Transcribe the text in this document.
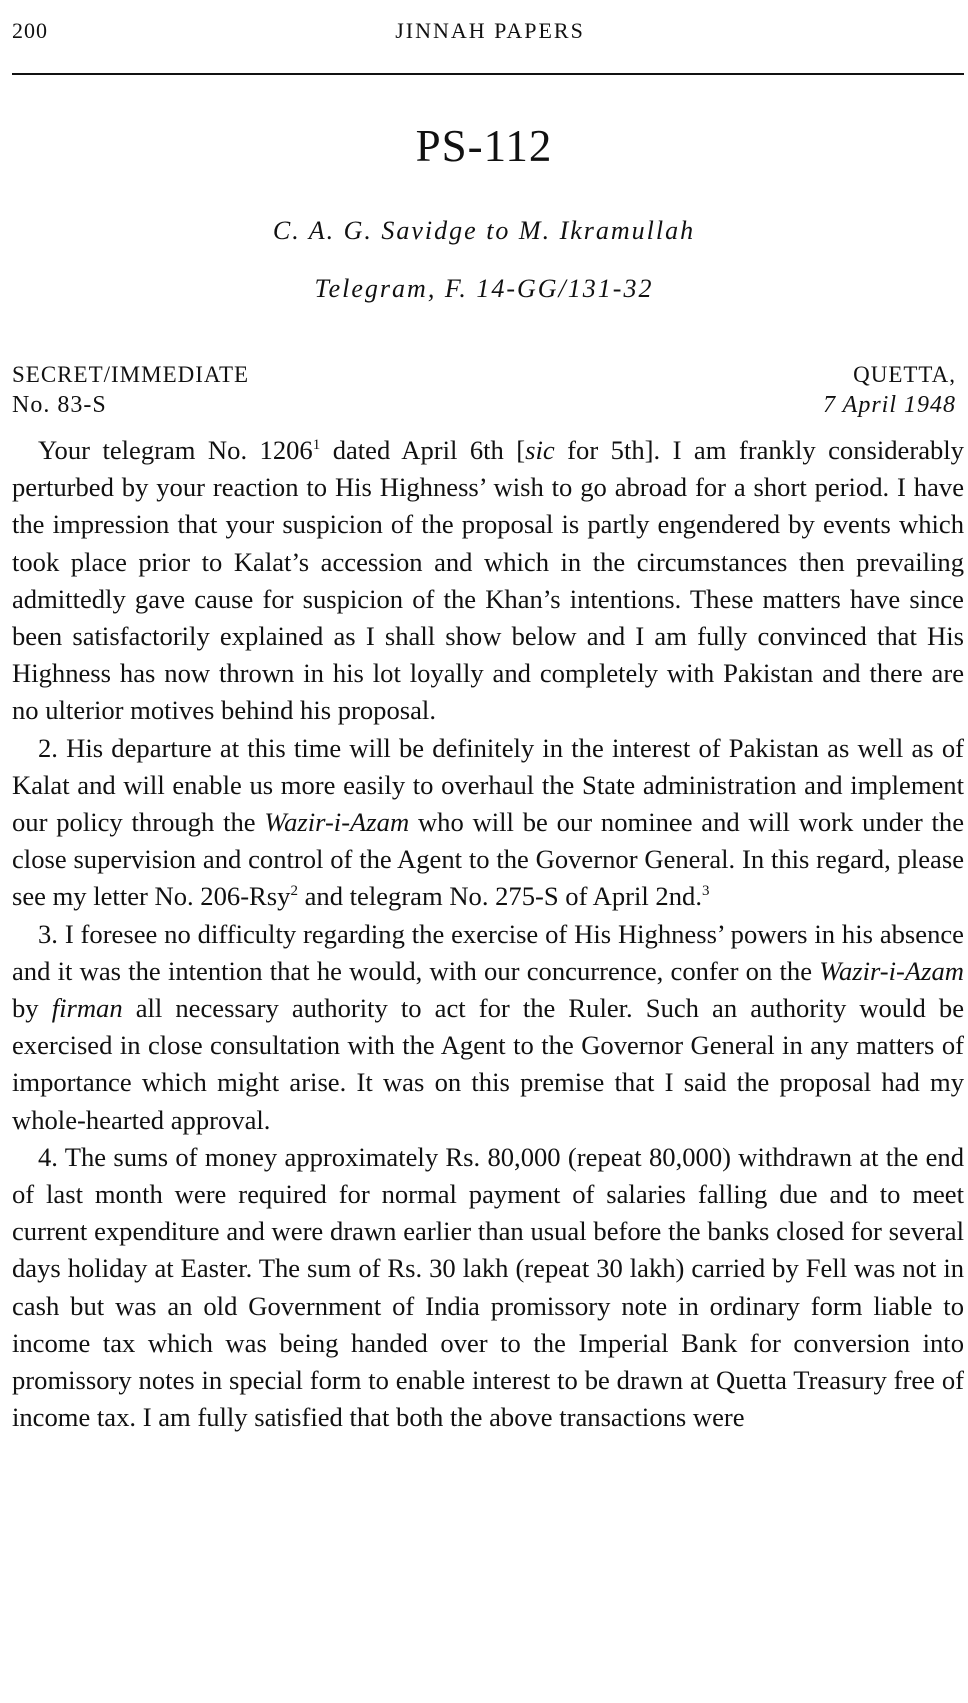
200	JINNAH PAPERS
PS-112
C. A. G. Savidge to M. Ikramullah
Telegram, F. 14-GG/131-32
SECRET/IMMEDIATE
No. 83-S
QUETTA,
7 April 1948

Your telegram No. 1206$^1$ dated April 6th [sic for 5th]. I am frankly considerably perturbed by your reaction to His Highness’ wish to go abroad for a short period. I have the impression that your suspicion of the proposal is partly engendered by events which took place prior to Kalat’s accession and which in the circumstances then prevailing admittedly gave cause for suspicion of the Khan’s intentions. These matters have since been satisfactorily explained as I shall show below and I am fully convinced that His Highness has now thrown in his lot loyally and completely with Pakistan and there are no ulterior motives behind his proposal.

2. His departure at this time will be definitely in the interest of Pakistan as well as of Kalat and will enable us more easily to overhaul the State administration and implement our policy through the Wazir-i-Azam who will be our nominee and will work under the close supervision and control of the Agent to the Governor General. In this regard, please see my letter No. 206-Rsy$^2$ and telegram No. 275-S of April 2nd.$^3$

3. I foresee no difficulty regarding the exercise of His Highness’ powers in his absence and it was the intention that he would, with our concurrence, confer on the Wazir-i-Azam by firman all necessary authority to act for the Ruler. Such an authority would be exercised in close consultation with the Agent to the Governor General in any matters of importance which might arise. It was on this premise that I said the proposal had my whole-hearted approval.

4. The sums of money approximately Rs. 80,000 (repeat 80,000) withdrawn at the end of last month were required for normal payment of salaries falling due and to meet current expenditure and were drawn earlier than usual before the banks closed for several days holiday at Easter. The sum of Rs. 30 lakh (repeat 30 lakh) carried by Fell was not in cash but was an old Government of India promissory note in ordinary form liable to income tax which was being handed over to the Imperial Bank for conversion into promissory notes in special form to enable interest to be drawn at Quetta Treasury free of income tax. I am fully satisfied that both the above transactions were
